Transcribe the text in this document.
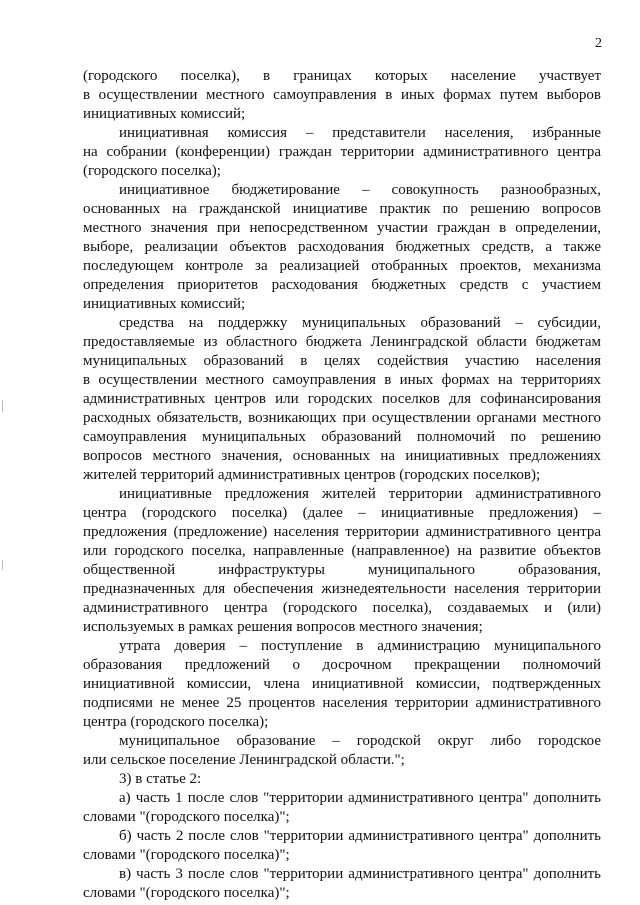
2
(городского поселка), в границах которых население участвует
в осуществлении местного самоуправления в иных формах путем выборов
инициативных комиссий;
инициативная комиссия – представители населения, избранные
на собрании (конференции) граждан территории административного центра
(городского поселка);
инициативное бюджетирование – совокупность разнообразных,
основанных на гражданской инициативе практик по решению вопросов
местного значения при непосредственном участии граждан в определении,
выборе, реализации объектов расходования бюджетных средств, а также
последующем контроле за реализацией отобранных проектов, механизма
определения приоритетов расходования бюджетных средств с участием
инициативных комиссий;
средства на поддержку муниципальных образований – субсидии,
предоставляемые из областного бюджета Ленинградской области бюджетам
муниципальных образований в целях содействия участию населения
в осуществлении местного самоуправления в иных формах на территориях
административных центров или городских поселков для софинансирования
расходных обязательств, возникающих при осуществлении органами местного
самоуправления муниципальных образований полномочий по решению
вопросов местного значения, основанных на инициативных предложениях
жителей территорий административных центров (городских поселков);
инициативные предложения жителей территории административного
центра (городского поселка) (далее – инициативные предложения) –
предложения (предложение) населения территории административного центра
или городского поселка, направленные (направленное) на развитие объектов
общественной инфраструктуры муниципального образования,
предназначенных для обеспечения жизнедеятельности населения территории
административного центра (городского поселка), создаваемых и (или)
используемых в рамках решения вопросов местного значения;
утрата доверия – поступление в администрацию муниципального
образования предложений о досрочном прекращении полномочий
инициативной комиссии, члена инициативной комиссии, подтвержденных
подписями не менее 25 процентов населения территории административного
центра (городского поселка);
муниципальное образование – городской округ либо городское
или сельское поселение Ленинградской области.";
3) в статье 2:
а) часть 1 после слов "территории административного центра" дополнить
словами "(городского поселка)";
б) часть 2 после слов "территории административного центра" дополнить
словами "(городского поселка)";
в) часть 3 после слов "территории административного центра" дополнить
словами "(городского поселка)";
